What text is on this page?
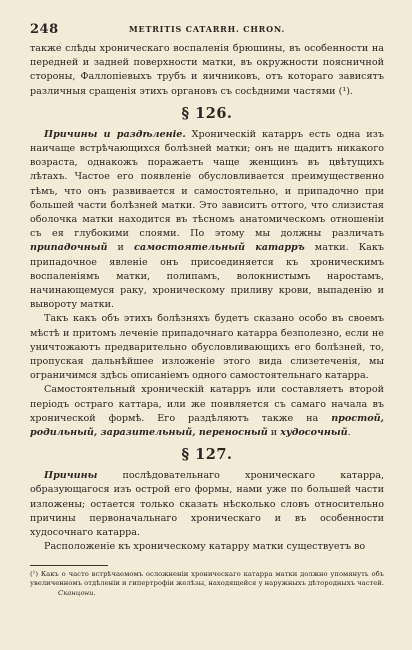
248	METRITIS CATARRH. CHRON.

также слѣды хроническаго воспаленія брюшины, въ особенности на передней и задней поверхности матки, въ окружности поясничной стороны, Фаллопіевыхъ трубъ и яичниковъ, отъ котораго зависятъ различныя сращенія этихъ органовъ съ сосѣдними частями (¹).

§ 126.

Причины и раздѣленіе. Хроническій катарръ есть одна изъ наичаще встрѣчающихся болѣзней матки; онъ не щадитъ никакого возраста, однакожъ поражаетъ чаще женщинъ въ цвѣтущихъ лѣтахъ. Частое его появленіе обусловливается преимущественно тѣмъ, что онъ развивается и самостоятельно, и припадочно при большей части болѣзней матки. Это зависитъ оттого, что слизистая оболочка матки находится въ тѣсномъ анатомическомъ отношеніи съ ея глубокими слоями. По этому мы должны различать припадочный и самостоятельный катарръ матки. Какъ припадочное явленіе онъ присоединяется къ хроническимъ воспаленіямъ матки, полипамъ, волокнистымъ наростамъ, начинающемуся раку, хроническому приливу крови, выпаденію и вывороту матки.

Такъ какъ объ этихъ болѣзняхъ будетъ сказано особо въ своемъ мѣстѣ и притомъ леченіе припадочнаго катарра безполезно, если не уничтожаютъ предварительно обусловливающихъ его болѣзней, то, пропуская дальнѣйшее изложеніе этого вида слизетеченія, мы ограничимся здѣсь описаніемъ одного самостоятельнаго катарра.

Самостоятельный хроническій катарръ или составляетъ второй періодъ остраго каттара, или же появляется съ самаго начала въ хронической формѣ. Его раздѣляютъ также на простой, родильный, заразительный, переносный и худосочный.

§ 127.

Причины послѣдовательнаго хроническаго катарра, образующагося изъ острой его формы, нами уже по большей части изложены; остается только сказать нѣсколько словъ относительно причины первоначальнаго хроническаго и въ особенности худосочнаго катарра.

Расположеніе къ хроническому катарру матки существуетъ во

(¹) Какъ о часто встрѣчаемомъ осложненіи хроническаго катарра матки должно упомянуть объ увеличенномъ отдѣленіи и гипертрофіи желѣзы, находящейся у наружныхъ дѣтородныхъ частей.Сканцони.
